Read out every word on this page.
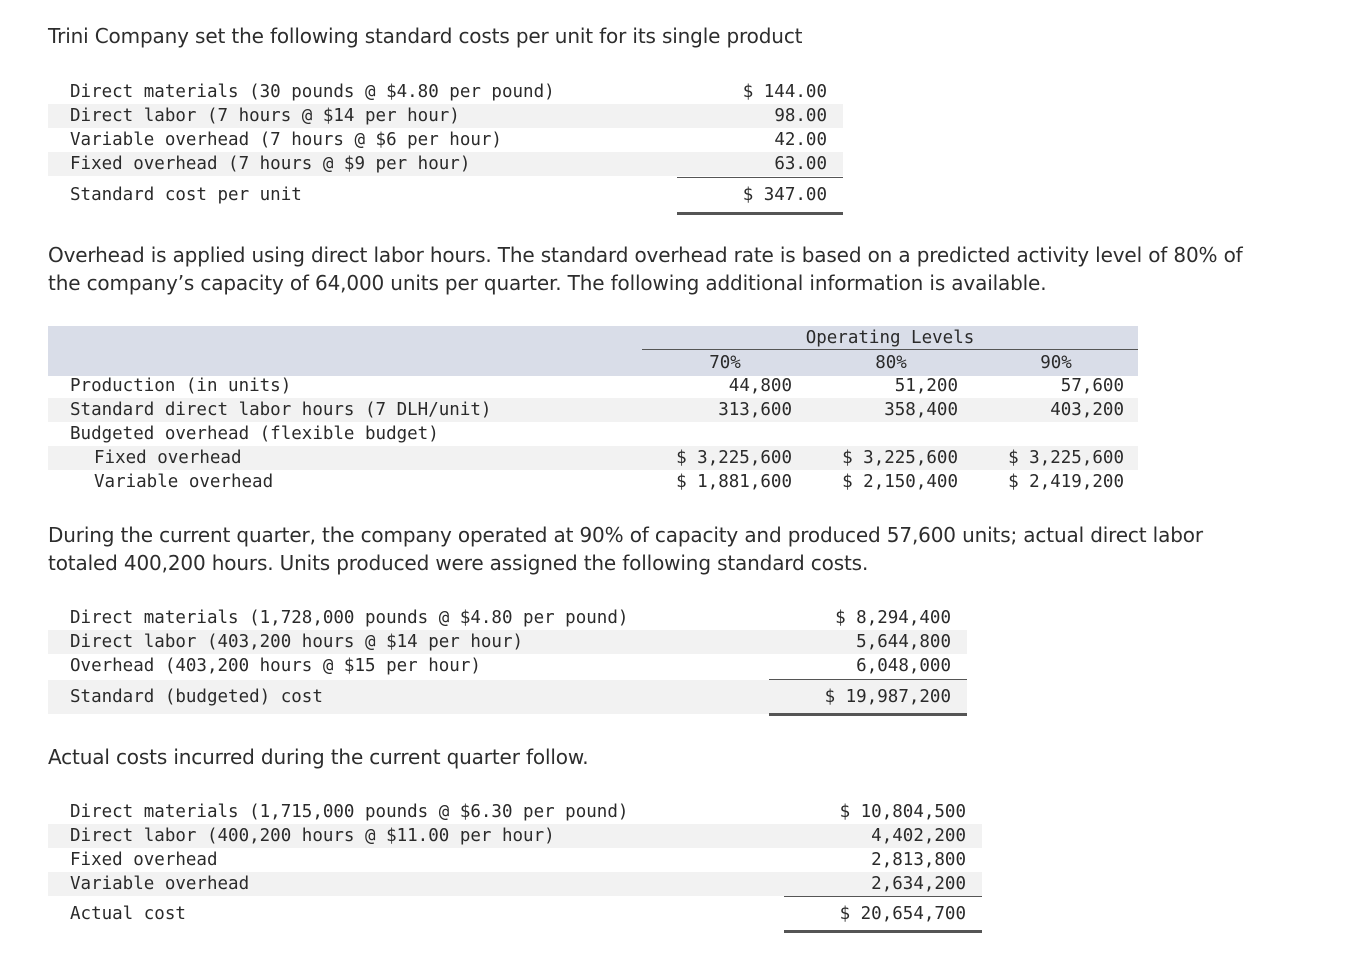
Trini Company set the following standard costs per unit for its single product

Direct materials (30 pounds @ $4.80 per pound)	$ 144.00
Direct labor (7 hours @ $14 per hour)	98.00
Variable overhead (7 hours @ $6 per hour)	42.00
Fixed overhead (7 hours @ $9 per hour)	63.00
Standard cost per unit	$ 347.00

Overhead is applied using direct labor hours. The standard overhead rate is based on a predicted activity level of 80% of
the company’s capacity of 64,000 units per quarter. The following additional information is available.

Operating Levels
70%	80%	90%
Production (in units)	44,800	51,200	57,600
Standard direct labor hours (7 DLH/unit)	313,600	358,400	403,200
Budgeted overhead (flexible budget)
Fixed overhead	$ 3,225,600	$ 3,225,600	$ 3,225,600
Variable overhead	$ 1,881,600	$ 2,150,400	$ 2,419,200

During the current quarter, the company operated at 90% of capacity and produced 57,600 units; actual direct labor
totaled 400,200 hours. Units produced were assigned the following standard costs.

Direct materials (1,728,000 pounds @ $4.80 per pound)	$ 8,294,400
Direct labor (403,200 hours @ $14 per hour)	5,644,800
Overhead (403,200 hours @ $15 per hour)	6,048,000
Standard (budgeted) cost	$ 19,987,200

Actual costs incurred during the current quarter follow.

Direct materials (1,715,000 pounds @ $6.30 per pound)	$ 10,804,500
Direct labor (400,200 hours @ $11.00 per hour)	4,402,200
Fixed overhead	2,813,800
Variable overhead	2,634,200
Actual cost	$ 20,654,700
